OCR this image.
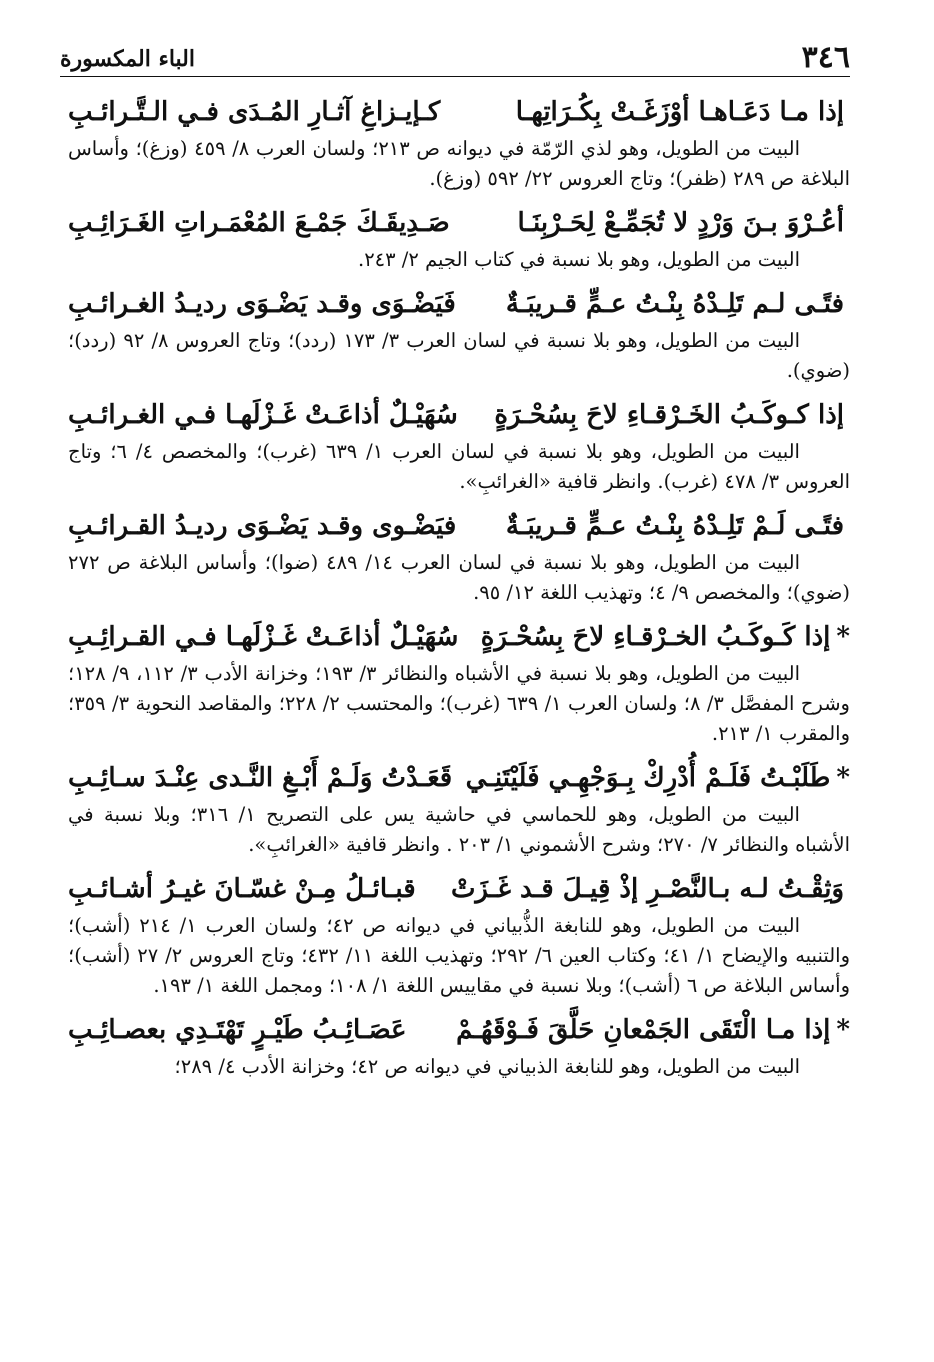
٣٤٦
الباء المكسورة
إذا مـا دَعَـاهـا أوْزَغَـتْ بِكُـرَاتِهـا
كـإيـزاغِ آثـارِ المُـدَى فـي الـتَّـرائـبِ

البيت من الطويل، وهو لذي الرّمّة في ديوانه ص ٢١٣؛ ولسان العرب ٨/ ٤٥٩ (وزغ)؛ وأساس البلاغة ص ٢٨٩ (ظفر)؛ وتاج العروس ٢٢/ ٥٩٢ (وزغ).

أعُـرْوَ بـنَ وَرْدٍ لا تُجَمِّـعْ لِحَـرْبِنَـا
صَـدِيقَـكَ جَمْـعَ المُعْمَـراتِ الغَـرَائِـبِ

البيت من الطويل، وهو بلا نسبة في كتاب الجيم ٢/ ٢٤٣.

فتًـى لـم تَلِـدْهُ بِنْـتُ عـمٍّ قـريبَـةٌ
فَيَضْـوَى وقـد يَضْـوَى رديـدُ الغـرائـبِ

البيت من الطويل، وهو بلا نسبة في لسان العرب ٣/ ١٧٣ (ردد)؛ وتاج العروس ٨/ ٩٢ (ردد)؛ (ضوي).

إذا كـوكَـبُ الخَـرْقـاءِ لاحَ بِسُحْـرَةٍ
سُهَيْـلٌ أذاعَـتْ غَـزْلَهـا فـي الغـرائـبِ

البيت من الطويل، وهو بلا نسبة في لسان العرب ١/ ٦٣٩ (غرب)؛ والمخصص ٤/ ٦؛ وتاج العروس ٣/ ٤٧٨ (غرب). وانظر قافية «الغرائبِ».

فتًـى لَـمْ تَلِـدْهُ بِنْـتُ عـمٍّ قـريبَـةٌ
فيَضْـوى وقـد يَضْـوَى رديـدُ القـرائـبِ

البيت من الطويل، وهو بلا نسبة في لسان العرب ١٤/ ٤٨٩ (ضوا)؛ وأساس البلاغة ص ٢٧٢ (ضوي)؛ والمخصص ٩/ ٤؛ وتهذيب اللغة ١٢/ ٩٥.

*إذا كَـوكَـبُ الخـرْقـاءِ لاحَ بِسُحْـرَةٍ
سُهَيْـلٌ أذاعَـتْ غَـزْلَهـا فـي القـرائِـبِ

البيت من الطويل، وهو بلا نسبة في الأشباه والنظائر ٣/ ١٩٣؛ وخزانة الأدب ٣/ ١١٢، ٩/ ١٢٨؛ وشرح المفصَّل ٣/ ٨؛ ولسان العرب ١/ ٦٣٩ (غرب)؛ والمحتسب ٢/ ٢٢٨؛ والمقاصد النحوية ٣/ ٣٥٩؛ والمقرب ١/ ٢١٣.

*طَلَبْـتُ فَلَـمْ أُدْرِكْ بِـوَجْهِـي فَلَيْتَنِـي
قَعَـدْتُ وَلَـمْ أَبْـغِ النَّـدى عِنْـدَ سـائِـبِ

البيت من الطويل، وهو للحماسي في حاشية يس على التصريح ١/ ٣١٦؛ وبلا نسبة في الأشباه والنظائر ٧/ ٢٧٠؛ وشرح الأشموني ١/ ٢٠٣ . وانظر قافية «الغرائبِ».

وَثِقْـتُ لـه بـالنَّصْـرِ إذْ قِيـلَ قـد غَـزَتْ
قبـائـلُ مِـنْ غسّـانَ غيـرُ أشـائـبِ

البيت من الطويل، وهو للنابغة الذُّبياني في ديوانه ص ٤٢؛ ولسان العرب ١/ ٢١٤ (أشب)؛ والتنبيه والإيضاح ١/ ٤١؛ وكتاب العين ٦/ ٢٩٢؛ وتهذيب اللغة ١١/ ٤٣٢؛ وتاج العروس ٢/ ٢٧ (أشب)؛ وأساس البلاغة ص ٦ (أشب)؛ وبلا نسبة في مقاييس اللغة ١/ ١٠٨؛ ومجمل اللغة ١/ ١٩٣.

*إذا مـا الْتَقَى الجَمْعانِ حَلَّقَ فَـوْقَهُـمْ
عَصَـائِـبُ طَيْـرٍ تَهْتَـدِي بعصـائِـبِ

البيت من الطويل، وهو للنابغة الذبياني في ديوانه ص ٤٢؛ وخزانة الأدب ٤/ ٢٨٩؛
